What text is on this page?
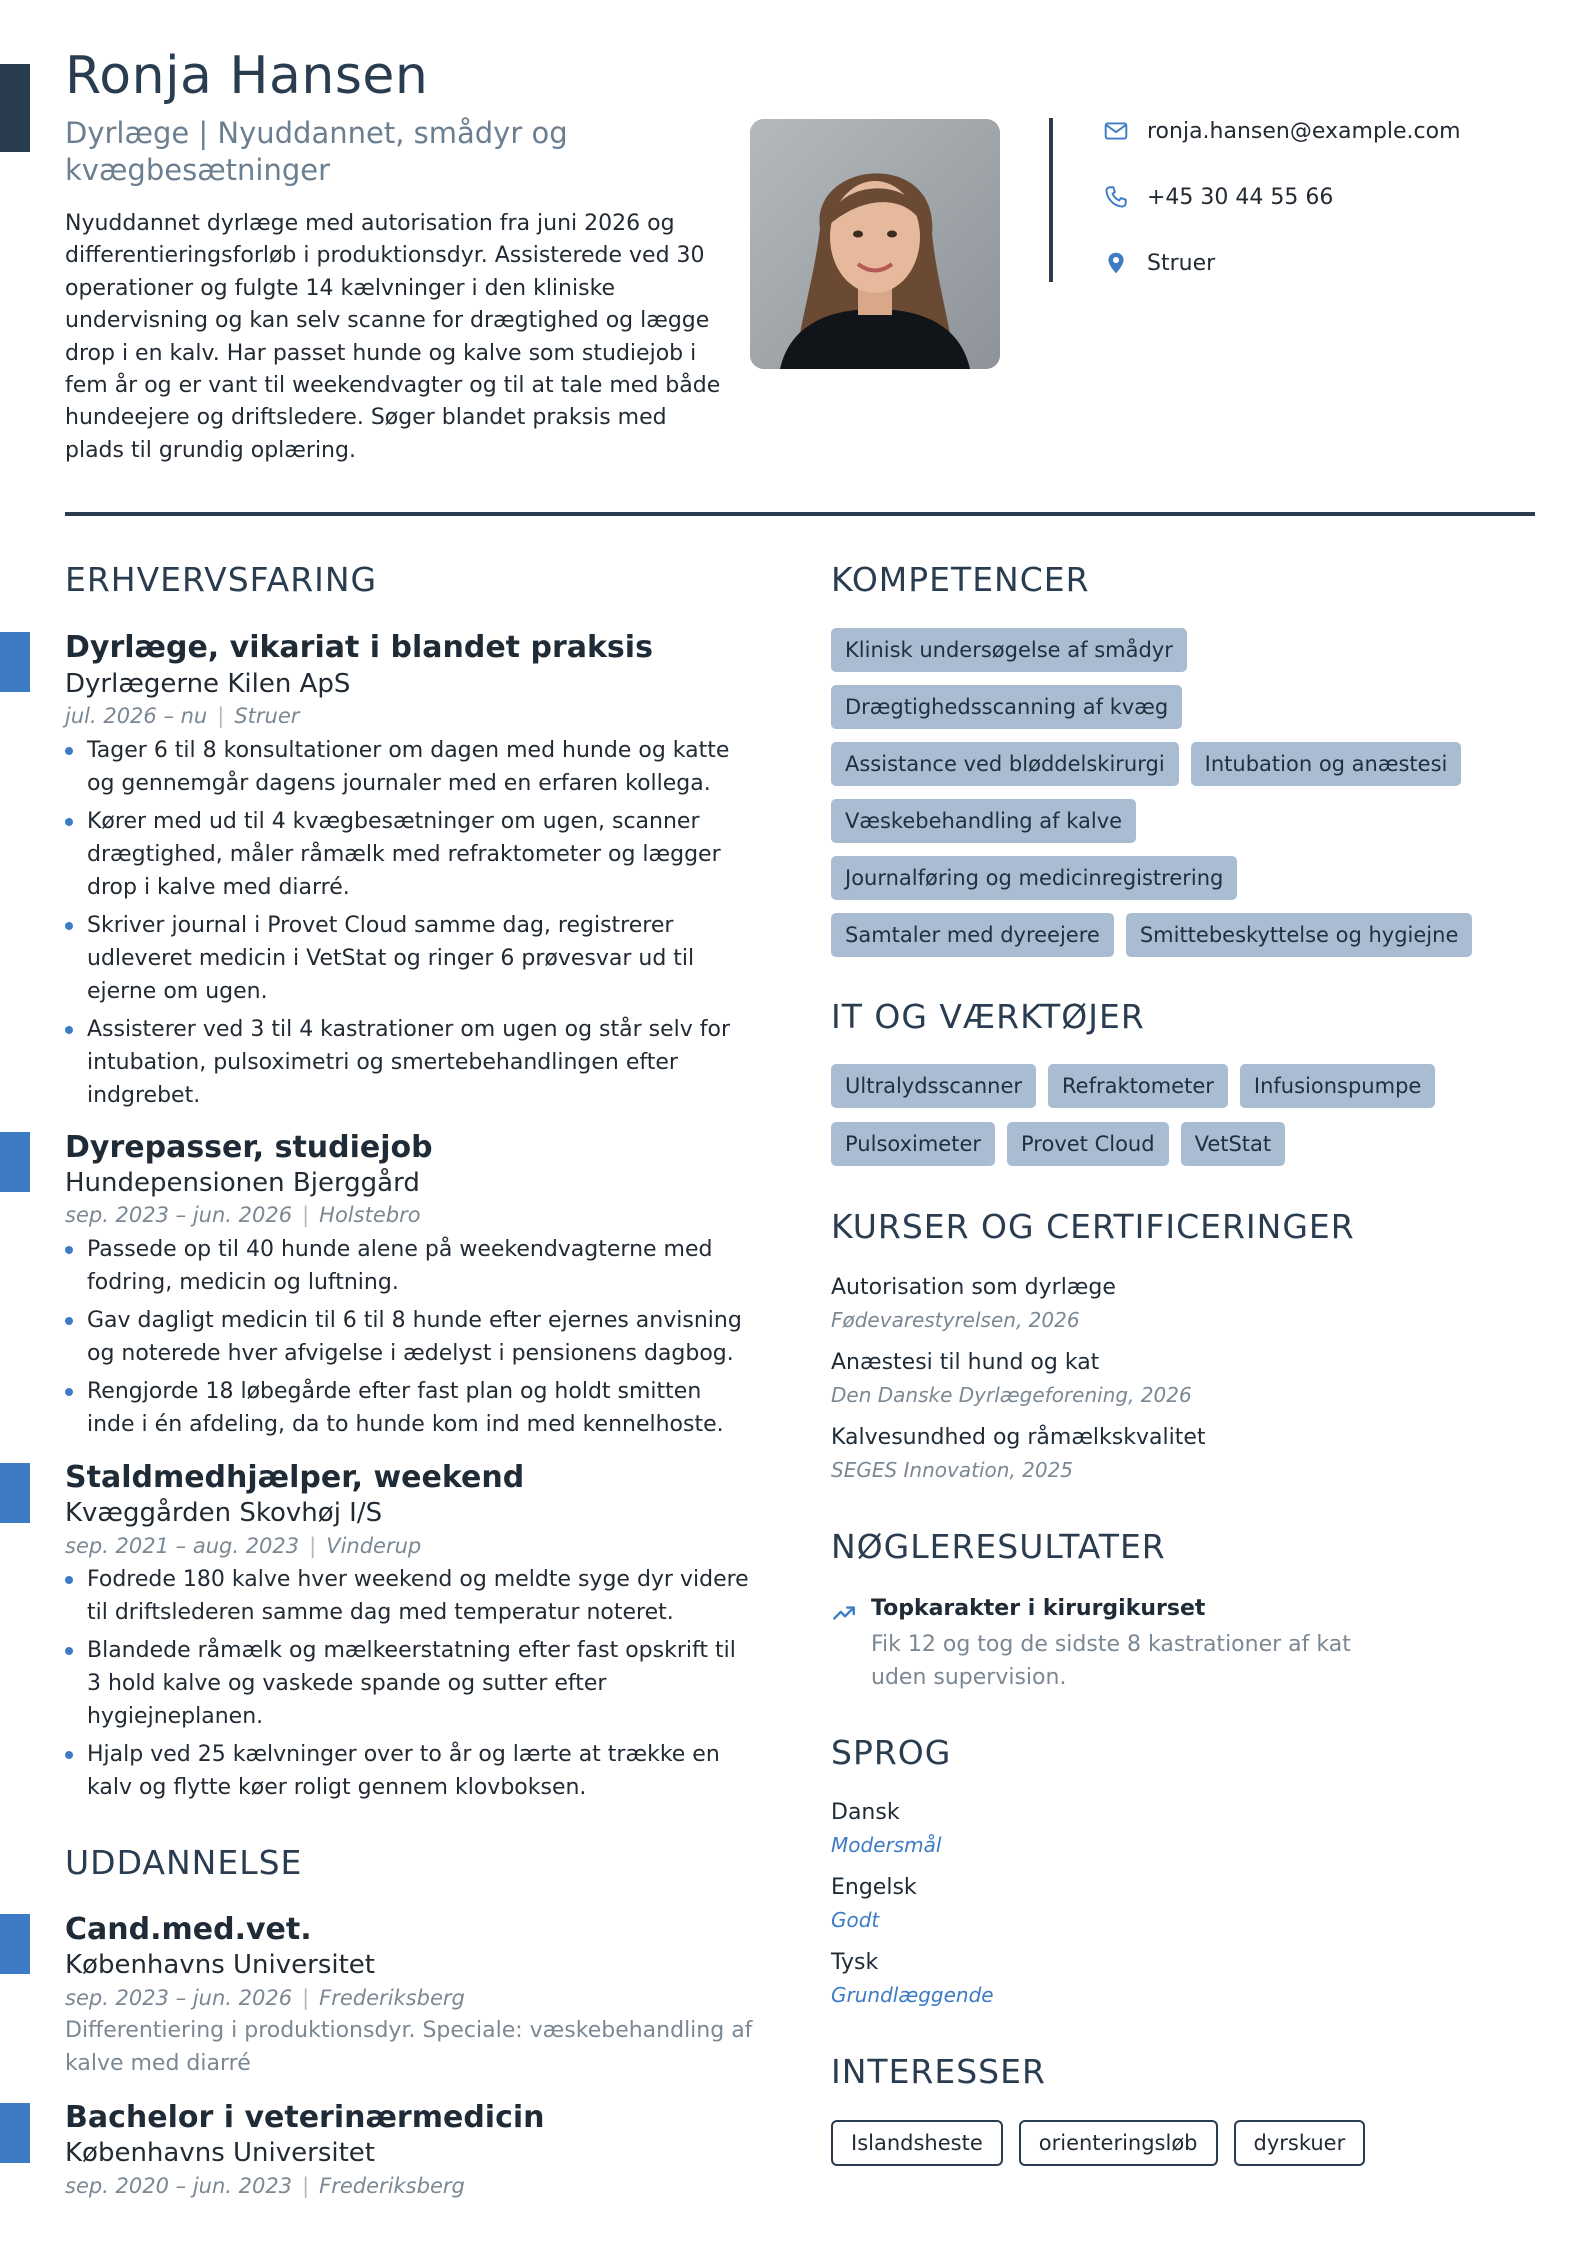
Ronja Hansen
Dyrlæge | Nyuddannet, smådyr og kvægbesætninger

Nyuddannet dyrlæge med autorisation fra juni 2026 og differentieringsforløb i produktionsdyr. Assisterede ved 30 operationer og fulgte 14 kælvninger i den kliniske undervisning og kan selv scanne for drægtighed og lægge drop i en kalv. Har passet hunde og kalve som studiejob i fem år og er vant til weekendvagter og til at tale med både hundeejere og driftsledere. Søger blandet praksis med plads til grundig oplæring.

ronja.hansen@example.com
+45 30 44 55 66
Struer
ERHVERVSFARING
Dyrlæge, vikariat i blandet praksis
Dyrlægerne Kilen ApS
jul. 2026 – nu | Struer
Tager 6 til 8 konsultationer om dagen med hunde og katte og gennemgår dagens journaler med en erfaren kollega.
Kører med ud til 4 kvægbesætninger om ugen, scanner drægtighed, måler råmælk med refraktometer og lægger drop i kalve med diarré.
Skriver journal i Provet Cloud samme dag, registrerer udleveret medicin i VetStat og ringer 6 prøvesvar ud til ejerne om ugen.
Assisterer ved 3 til 4 kastrationer om ugen og står selv for intubation, pulsoximetri og smertebehandlingen efter indgrebet.
Dyrepasser, studiejob
Hundepensionen Bjerggård
sep. 2023 – jun. 2026 | Holstebro
Passede op til 40 hunde alene på weekendvagterne med fodring, medicin og luftning.
Gav dagligt medicin til 6 til 8 hunde efter ejernes anvisning og noterede hver afvigelse i ædelyst i pensionens dagbog.
Rengjorde 18 løbegårde efter fast plan og holdt smitten inde i én afdeling, da to hunde kom ind med kennelhoste.
Staldmedhjælper, weekend
Kvæggården Skovhøj I/S
sep. 2021 – aug. 2023 | Vinderup
Fodrede 180 kalve hver weekend og meldte syge dyr videre til driftslederen samme dag med temperatur noteret.
Blandede råmælk og mælkeerstatning efter fast opskrift til 3 hold kalve og vaskede spande og sutter efter hygiejneplanen.
Hjalp ved 25 kælvninger over to år og lærte at trække en kalv og flytte køer roligt gennem klovboksen.
UDDANNELSE
Cand.med.vet.
Københavns Universitet
sep. 2023 – jun. 2026 | Frederiksberg
Differentiering i produktionsdyr. Speciale: væskebehandling af kalve med diarré
Bachelor i veterinærmedicin
Københavns Universitet
sep. 2020 – jun. 2023 | Frederiksberg
KOMPETENCER
Klinisk undersøgelse af smådyr
Drægtighedsscanning af kvæg
Assistance ved bløddelskirurgi	Intubation og anæstesi
Væskebehandling af kalve
Journalføring og medicinregistrering
Samtaler med dyreejere	Smittebeskyttelse og hygiejne
IT OG VÆRKTØJER
Ultralydsscanner	Refraktometer	Infusionspumpe
Pulsoximeter	Provet Cloud	VetStat
KURSER OG CERTIFICERINGER
Autorisation som dyrlæge
Fødevarestyrelsen, 2026
Anæstesi til hund og kat
Den Danske Dyrlægeforening, 2026
Kalvesundhed og råmælkskvalitet
SEGES Innovation, 2025
NØGLERESULTATER
Topkarakter i kirurgikurset
Fik 12 og tog de sidste 8 kastrationer af kat uden supervision.
SPROG
Dansk
Modersmål
Engelsk
Godt
Tysk
Grundlæggende
INTERESSER
Islandsheste	orienteringsløb	dyrskuer
